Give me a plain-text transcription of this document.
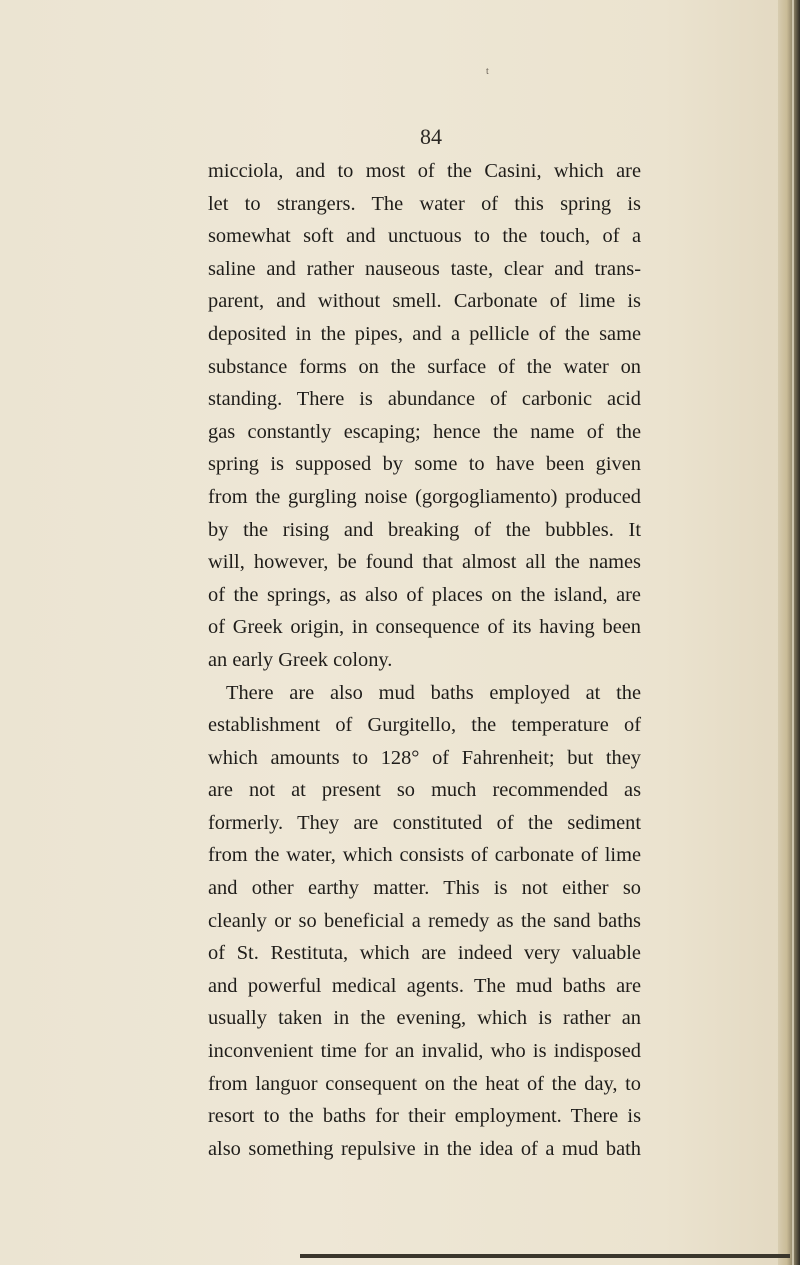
t
84
micciola, and to most of the Casini, which are
let to strangers. The water of this spring is
somewhat soft and unctuous to the touch, of a
saline and rather nauseous taste, clear and trans-
parent, and without smell. Carbonate of lime is
deposited in the pipes, and a pellicle of the same
substance forms on the surface of the water on
standing. There is abundance of carbonic acid
gas constantly escaping; hence the name of the
spring is supposed by some to have been given
from the gurgling noise (gorgogliamento) produced
by the rising and breaking of the bubbles. It
will, however, be found that almost all the names
of the springs, as also of places on the island, are
of Greek origin, in consequence of its having been
an early Greek colony.
There are also mud baths employed at the
establishment of Gurgitello, the temperature of
which amounts to 128° of Fahrenheit; but they
are not at present so much recommended as
formerly. They are constituted of the sediment
from the water, which consists of carbonate of lime
and other earthy matter. This is not either so
cleanly or so beneficial a remedy as the sand baths
of St. Restituta, which are indeed very valuable
and powerful medical agents. The mud baths are
usually taken in the evening, which is rather an
inconvenient time for an invalid, who is indisposed
from languor consequent on the heat of the day, to
resort to the baths for their employment. There is
also something repulsive in the idea of a mud bath
